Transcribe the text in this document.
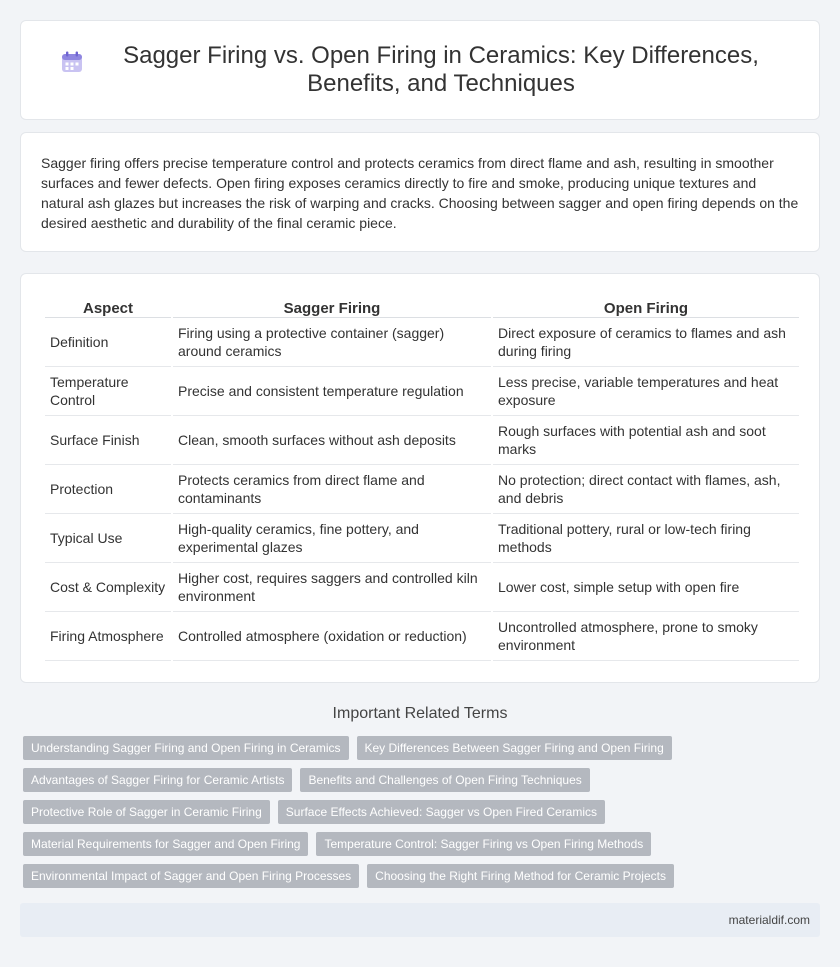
Sagger Firing vs. Open Firing in Ceramics: Key Differences, Benefits, and Techniques

Sagger firing offers precise temperature control and protects ceramics from direct flame and ash, resulting in smoother surfaces and fewer defects. Open firing exposes ceramics directly to fire and smoke, producing unique textures and natural ash glazes but increases the risk of warping and cracks. Choosing between sagger and open firing depends on the desired aesthetic and durability of the final ceramic piece.

Aspect	Sagger Firing	Open Firing
Definition	Firing using a protective container (sagger) around ceramics	Direct exposure of ceramics to flames and ash during firing
Temperature Control	Precise and consistent temperature regulation	Less precise, variable temperatures and heat exposure
Surface Finish	Clean, smooth surfaces without ash deposits	Rough surfaces with potential ash and soot marks
Protection	Protects ceramics from direct flame and contaminants	No protection; direct contact with flames, ash, and debris
Typical Use	High-quality ceramics, fine pottery, and experimental glazes	Traditional pottery, rural or low-tech firing methods
Cost & Complexity	Higher cost, requires saggers and controlled kiln environment	Lower cost, simple setup with open fire
Firing Atmosphere	Controlled atmosphere (oxidation or reduction)	Uncontrolled atmosphere, prone to smoky environment
Important Related Terms
Understanding Sagger Firing and Open Firing in Ceramics	Key Differences Between Sagger Firing and Open Firing
Advantages of Sagger Firing for Ceramic Artists	Benefits and Challenges of Open Firing Techniques
Protective Role of Sagger in Ceramic Firing	Surface Effects Achieved: Sagger vs Open Fired Ceramics
Material Requirements for Sagger and Open Firing	Temperature Control: Sagger Firing vs Open Firing Methods
Environmental Impact of Sagger and Open Firing Processes	Choosing the Right Firing Method for Ceramic Projects
materialdif.com
